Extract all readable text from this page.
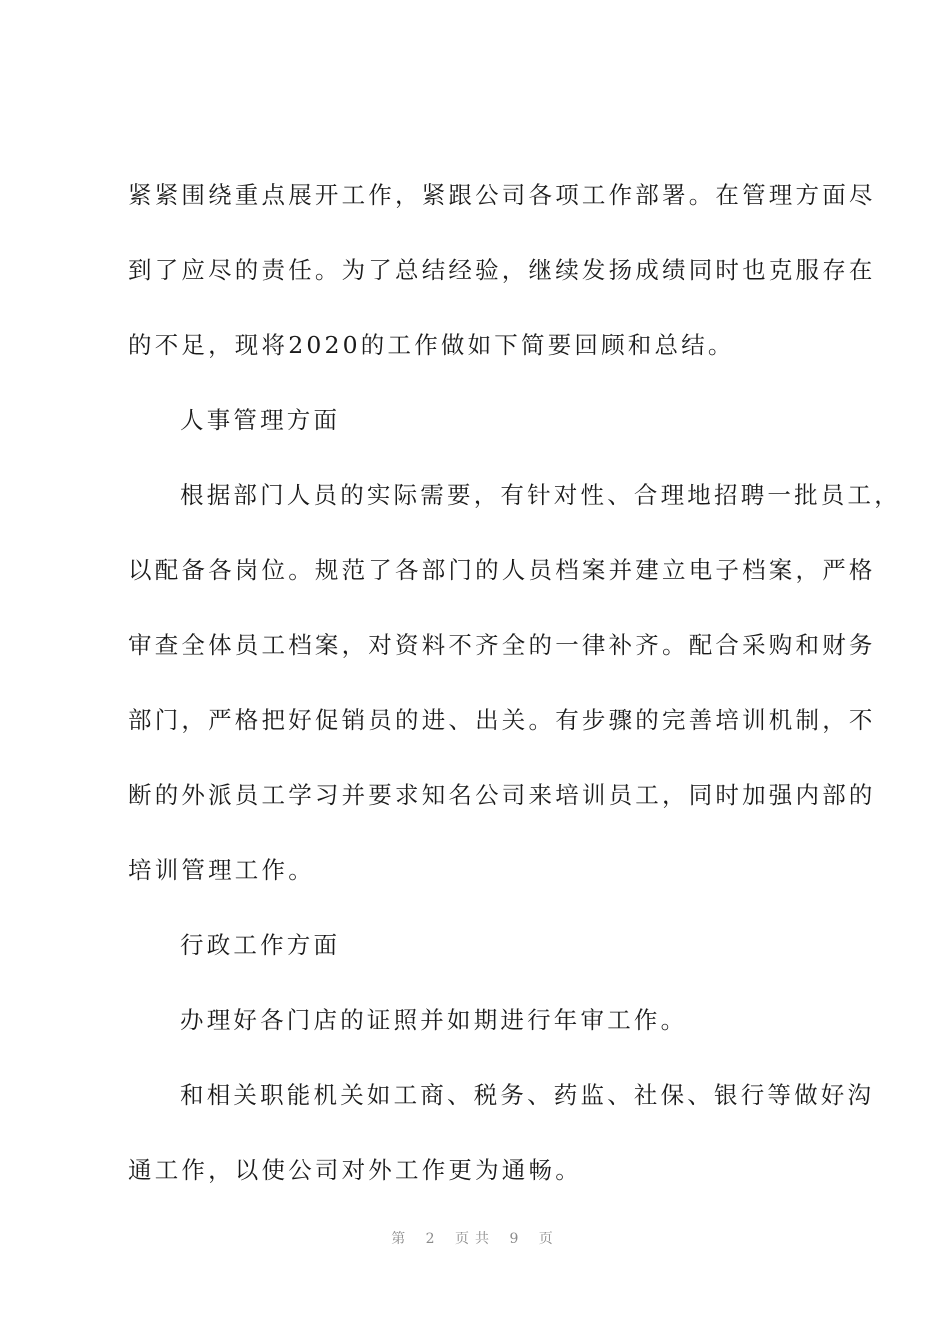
紧紧围绕重点展开工作，紧跟公司各项工作部署。在管理方面尽
到了应尽的责任。为了总结经验，继续发扬成绩同时也克服存在
的不足，现将2020的工作做如下简要回顾和总结。
人事管理方面
根据部门人员的实际需要，有针对性、合理地招聘一批员工，
以配备各岗位。规范了各部门的人员档案并建立电子档案，严格
审查全体员工档案，对资料不齐全的一律补齐。配合采购和财务
部门，严格把好促销员的进、出关。有步骤的完善培训机制，不
断的外派员工学习并要求知名公司来培训员工，同时加强内部的
培训管理工作。
行政工作方面
办理好各门店的证照并如期进行年审工作。
和相关职能机关如工商、税务、药监、社保、银行等做好沟
通工作，以使公司对外工作更为通畅。
第 2 页共 9 页
